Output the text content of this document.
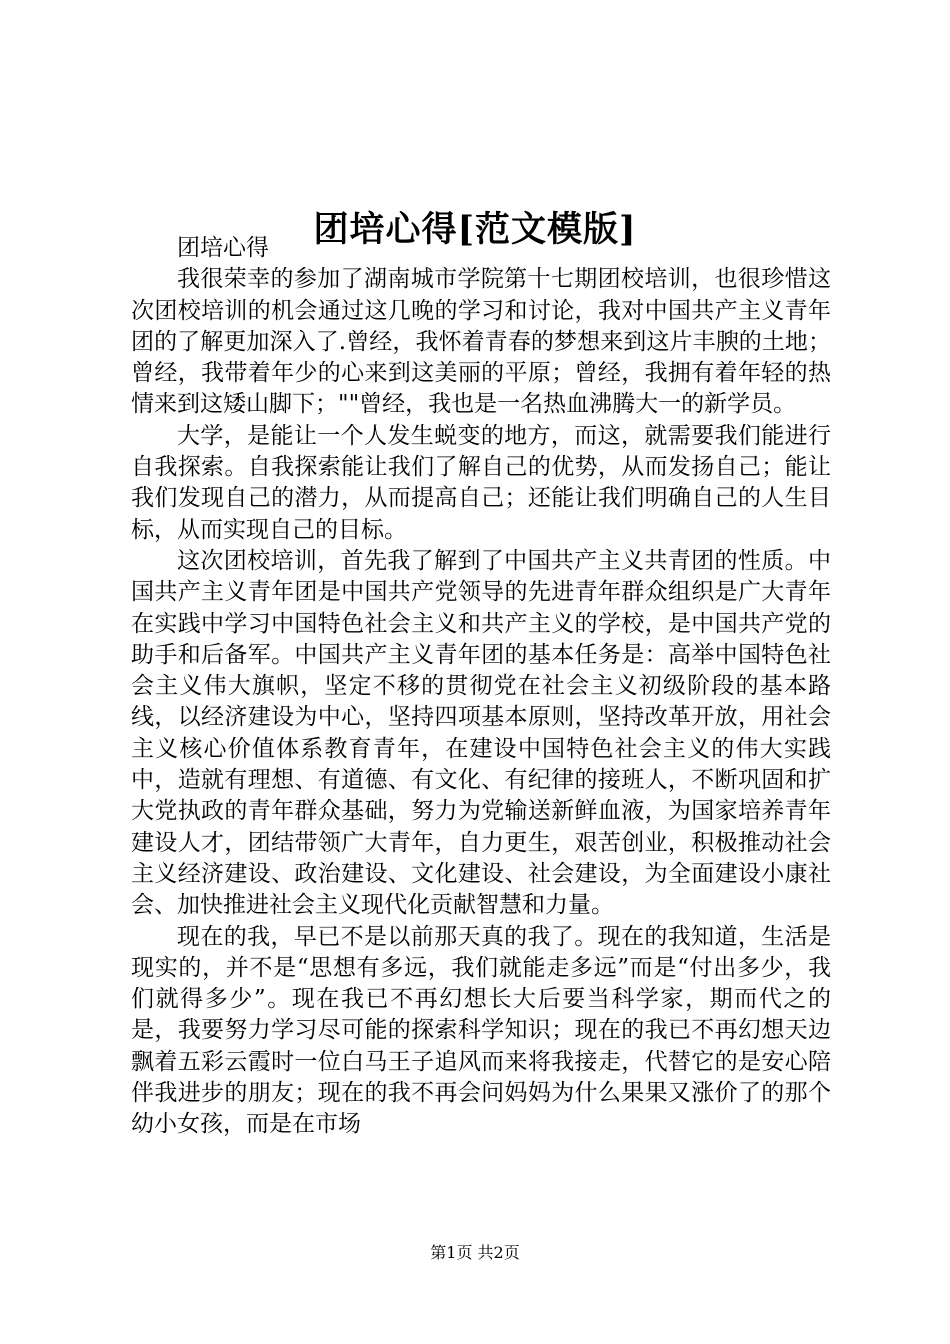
团培心得[范文模版]

团培心得

我很荣幸的参加了湖南城市学院第十七期团校培训，也很珍惜这次团校培训的机会通过这几晚的学习和讨论，我对中国共产主义青年团的了解更加深入了.曾经，我怀着青春的梦想来到这片丰腴的土地；曾经，我带着年少的心来到这美丽的平原；曾经，我拥有着年轻的热情来到这矮山脚下；""曾经，我也是一名热血沸腾大一的新学员。

大学，是能让一个人发生蜕变的地方，而这，就需要我们能进行自我探索。自我探索能让我们了解自己的优势，从而发扬自己；能让我们发现自己的潜力，从而提高自己；还能让我们明确自己的人生目标，从而实现自己的目标。

这次团校培训，首先我了解到了中国共产主义共青团的性质。中国共产主义青年团是中国共产党领导的先进青年群众组织是广大青年在实践中学习中国特色社会主义和共产主义的学校，是中国共产党的助手和后备军。中国共产主义青年团的基本任务是：高举中国特色社会主义伟大旗帜，坚定不移的贯彻党在社会主义初级阶段的基本路线，以经济建设为中心，坚持四项基本原则，坚持改革开放，用社会主义核心价值体系教育青年，在建设中国特色社会主义的伟大实践中，造就有理想、有道德、有文化、有纪律的接班人，不断巩固和扩大党执政的青年群众基础，努力为党输送新鲜血液，为国家培养青年建设人才，团结带领广大青年，自力更生，艰苦创业，积极推动社会主义经济建设、政治建设、文化建设、社会建设，为全面建设小康社会、加快推进社会主义现代化贡献智慧和力量。

现在的我，早已不是以前那天真的我了。现在的我知道，生活是现实的，并不是“思想有多远，我们就能走多远”而是“付出多少，我们就得多少”。现在我已不再幻想长大后要当科学家，期而代之的是，我要努力学习尽可能的探索科学知识；现在的我已不再幻想天边飘着五彩云霞时一位白马王子追风而来将我接走，代替它的是安心陪伴我进步的朋友；现在的我不再会问妈妈为什么果果又涨价了的那个幼小女孩，而是在市场

第1页 共2页
